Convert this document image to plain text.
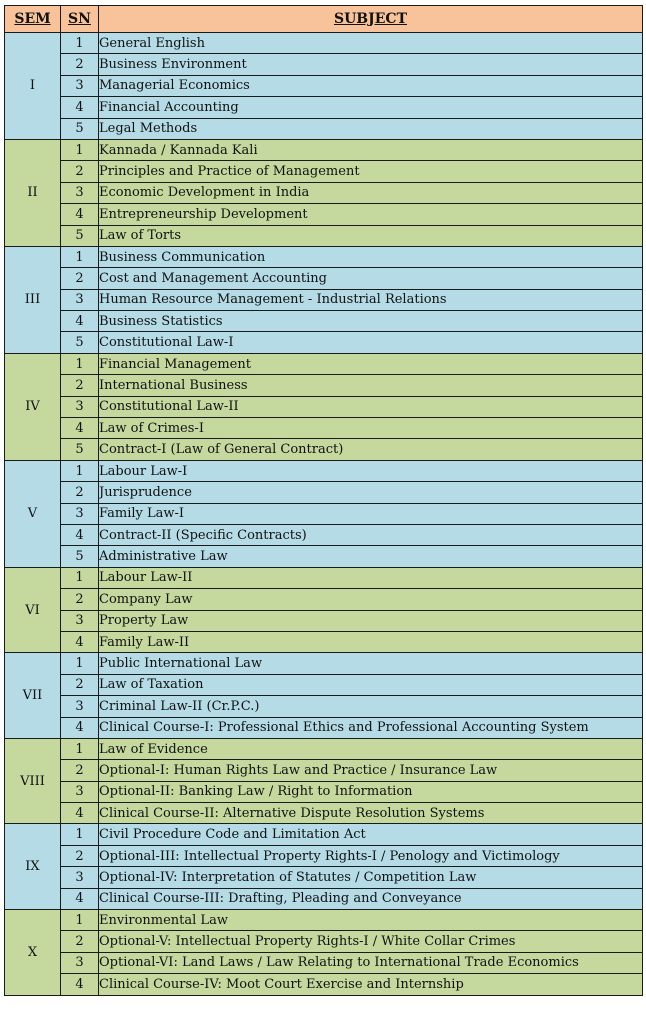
SEM	SN	SUBJECT
I	1	General English
	2	Business Environment
	3	Managerial Economics
	4	Financial Accounting
	5	Legal Methods
II	1	Kannada / Kannada Kali
	2	Principles and Practice of Management
	3	Economic Development in India
	4	Entrepreneurship Development
	5	Law of Torts
III	1	Business Communication
	2	Cost and Management Accounting
	3	Human Resource Management - Industrial Relations
	4	Business Statistics
	5	Constitutional Law-I
IV	1	Financial Management
	2	International Business
	3	Constitutional Law-II
	4	Law of Crimes-I
	5	Contract-I (Law of General Contract)
V	1	Labour Law-I
	2	Jurisprudence
	3	Family Law-I
	4	Contract-II (Specific Contracts)
	5	Administrative Law
VI	1	Labour Law-II
	2	Company Law
	3	Property Law
	4	Family Law-II
VII	1	Public International Law
	2	Law of Taxation
	3	Criminal Law-II (Cr.P.C.)
	4	Clinical Course-I: Professional Ethics and Professional Accounting System
VIII	1	Law of Evidence
	2	Optional-I: Human Rights Law and Practice / Insurance Law
	3	Optional-II: Banking Law / Right to Information
	4	Clinical Course-II: Alternative Dispute Resolution Systems
IX	1	Civil Procedure Code and Limitation Act
	2	Optional-III: Intellectual Property Rights-I / Penology and Victimology
	3	Optional-IV: Interpretation of Statutes / Competition Law
	4	Clinical Course-III: Drafting, Pleading and Conveyance
X	1	Environmental Law
	2	Optional-V: Intellectual Property Rights-I / White Collar Crimes
	3	Optional-VI: Land Laws / Law Relating to International Trade Economics
	4	Clinical Course-IV: Moot Court Exercise and Internship
